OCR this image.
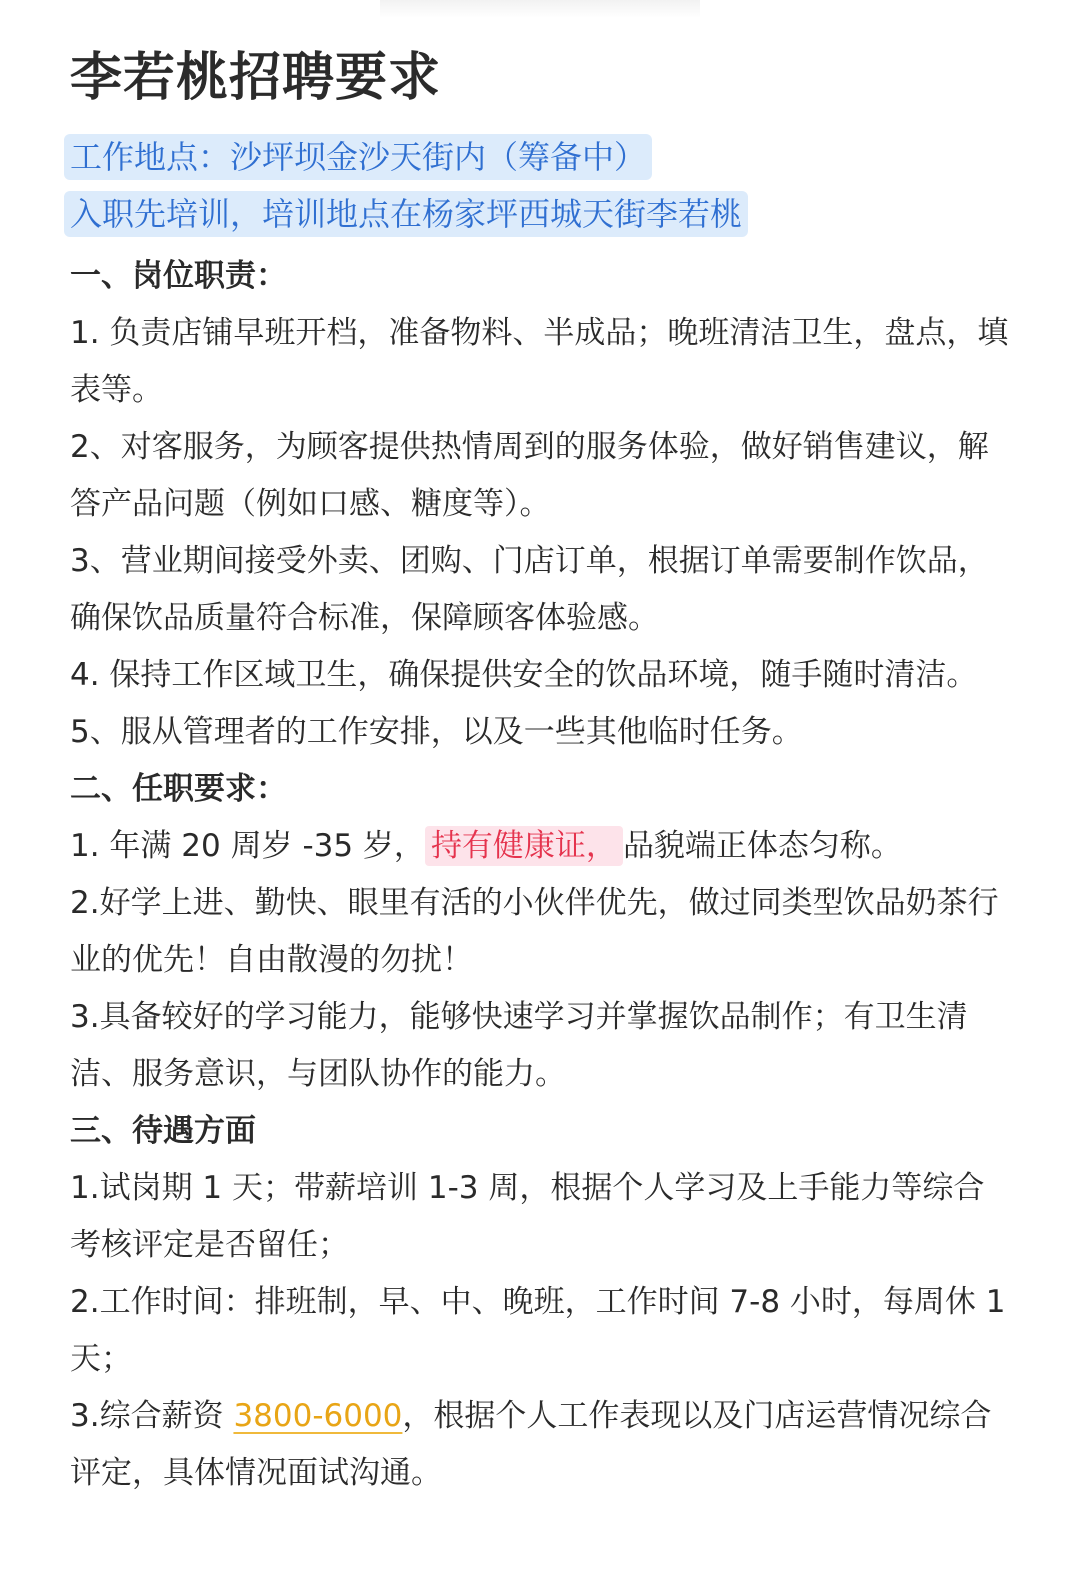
李若桃招聘要求
工作地点：沙坪坝金沙天街内（筹备中）
入职先培训，培训地点在杨家坪西城天街李若桃
一、岗位职责：
1. 负责店铺早班开档，准备物料、半成品；晚班清洁卫生，盘点，填表等。
2、对客服务，为顾客提供热情周到的服务体验，做好销售建议，解答产品问题（例如口感、糖度等）。
3、营业期间接受外卖、团购、门店订单，根据订单需要制作饮品，确保饮品质量符合标准，保障顾客体验感。
4. 保持工作区域卫生，确保提供安全的饮品环境，随手随时清洁。
5、服从管理者的工作安排，以及一些其他临时任务。
二、任职要求：
1. 年满 20 周岁 -35 岁， 持有健康证， 品貌端正体态匀称。
2.好学上进、勤快、眼里有活的小伙伴优先，做过同类型饮品奶茶行业的优先！自由散漫的勿扰！
3.具备较好的学习能力，能够快速学习并掌握饮品制作；有卫生清洁、服务意识，与团队协作的能力。
三、待遇方面
1.试岗期 1 天；带薪培训 1-3 周，根据个人学习及上手能力等综合考核评定是否留任；
2.工作时间：排班制，早、中、晚班，工作时间 7-8 小时，每周休 1 天；
3.综合薪资 3800-6000，根据个人工作表现以及门店运营情况综合评定，具体情况面试沟通。
